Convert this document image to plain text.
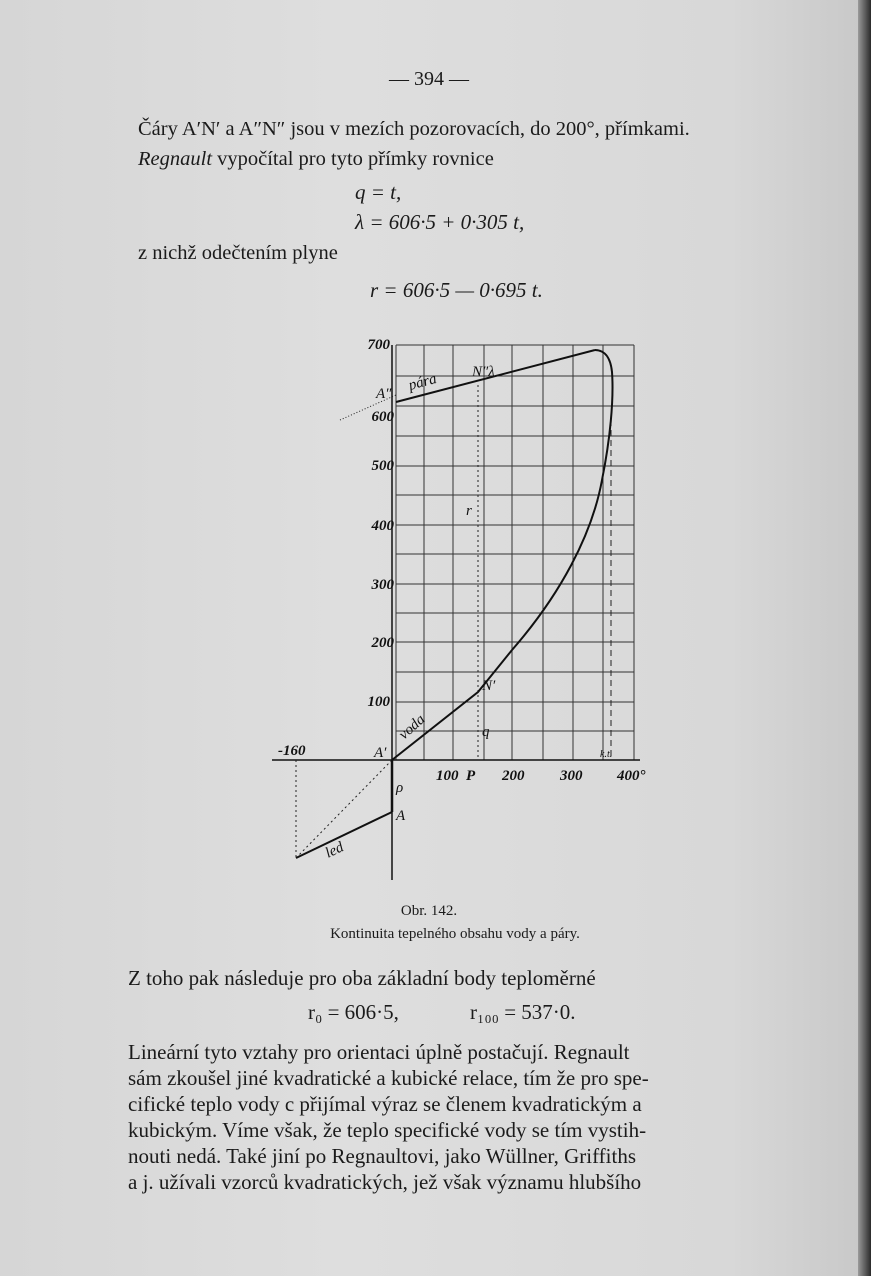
— 394 —
Čáry A′N′ a A″N″ jsou v mezích pozorovacích, do 200°, přímkami.
Regnault vypočítal pro tyto přímky rovnice
q = t,
λ = 606·5 + 0·305 t,
z nichž odečtením plyne
r = 606·5 — 0·695 t.
700
600
500
400
300
200
100
-160
100 P 200 300 400°
A″
N″λ
pára
r
N′
voda	q
A′
ρ
A
led
k.t.
Obr. 142.
Kontinuita tepelného obsahu vody a páry.
Z toho pak následuje pro oba základní body teploměrné
r₀ = 606·5,	r₁₀₀ = 537·0.
Lineární tyto vztahy pro orientaci úplně postačují. Regnault
sám zkoušel jiné kvadratické a kubické relace, tím že pro spe-
cifické teplo vody c přijímal výraz se členem kvadratickým a
kubickým. Víme však, že teplo specifické vody se tím vystih-
nouti nedá. Také jiní po Regnaultovi, jako Wüllner, Griffiths
a j. užívali vzorců kvadratických, jež však významu hlubšího
